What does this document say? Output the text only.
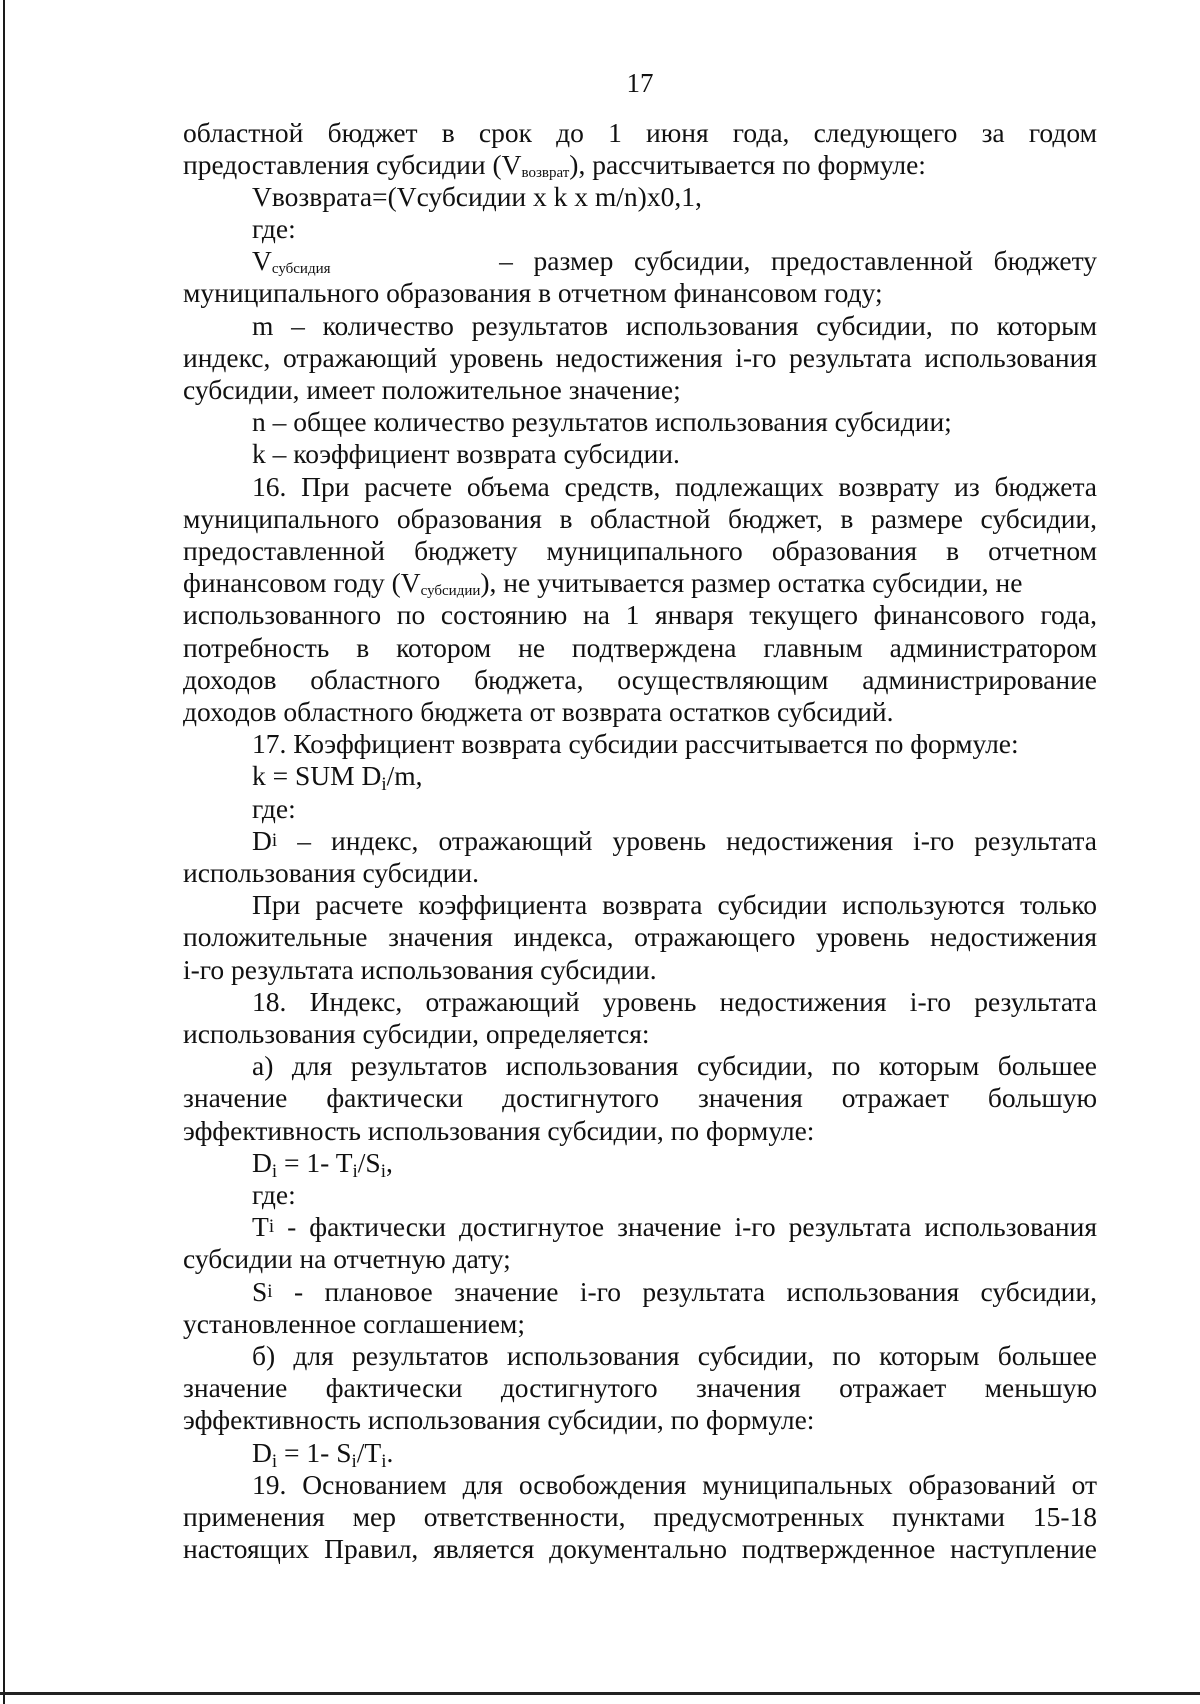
17
областной бюджет в срок до 1 июня года, следующего за годом
предоставления субсидии $(V_{возврат})$, рассчитывается по формуле:
Vвозврата=(Vсубсидии x k x m/n)x0,1,
где:
$V_{субсидия}$	–   размер   субсидии,   предоставленной   бюджету
муниципального образования в отчетном финансовом году;
m – количество результатов использования субсидии, по которым
индекс, отражающий уровень недостижения i-го результата использования
субсидии, имеет положительное значение;
n – общее количество результатов использования субсидии;
k – коэффициент возврата субсидии.
16. При расчете объема средств, подлежащих возврату из бюджета
муниципального образования в областной бюджет, в размере субсидии,
предоставленной бюджету муниципального образования в отчетном
финансовом году $(V_{субсидии})$, не учитывается размер остатка субсидии, не
использованного по состоянию на 1 января текущего финансового года,
потребность в котором не подтверждена главным администратором
доходов областного бюджета, осуществляющим администрирование
доходов областного бюджета от возврата остатков субсидий.
17. Коэффициент возврата субсидии рассчитывается по формуле:
k = SUM Di/m,
где:
D i – индекс, отражающий уровень недостижения i-го результата
использования субсидии.
При расчете коэффициента возврата субсидии используются только
положительные значения индекса, отражающего уровень недостижения
i-го результата использования субсидии.
18. Индекс, отражающий уровень недостижения i-го результата
использования субсидии, определяется:
а) для результатов использования субсидии, по которым большее
значение фактически достигнутого значения отражает большую
эффективность использования субсидии, по формуле:
Di = 1- Ti/Si,
где:
T i - фактически достигнутое значение i-го результата использования
субсидии на отчетную дату;
S i - плановое значение i-го результата использования субсидии,
установленное соглашением;
б) для результатов использования субсидии, по которым большее
значение фактически достигнутого значения отражает меньшую
эффективность использования субсидии, по формуле:
Di = 1- Si/Ti.
19. Основанием для освобождения муниципальных образований от
применения мер ответственности, предусмотренных пунктами 15-18
настоящих Правил, является документально подтвержденное наступление
